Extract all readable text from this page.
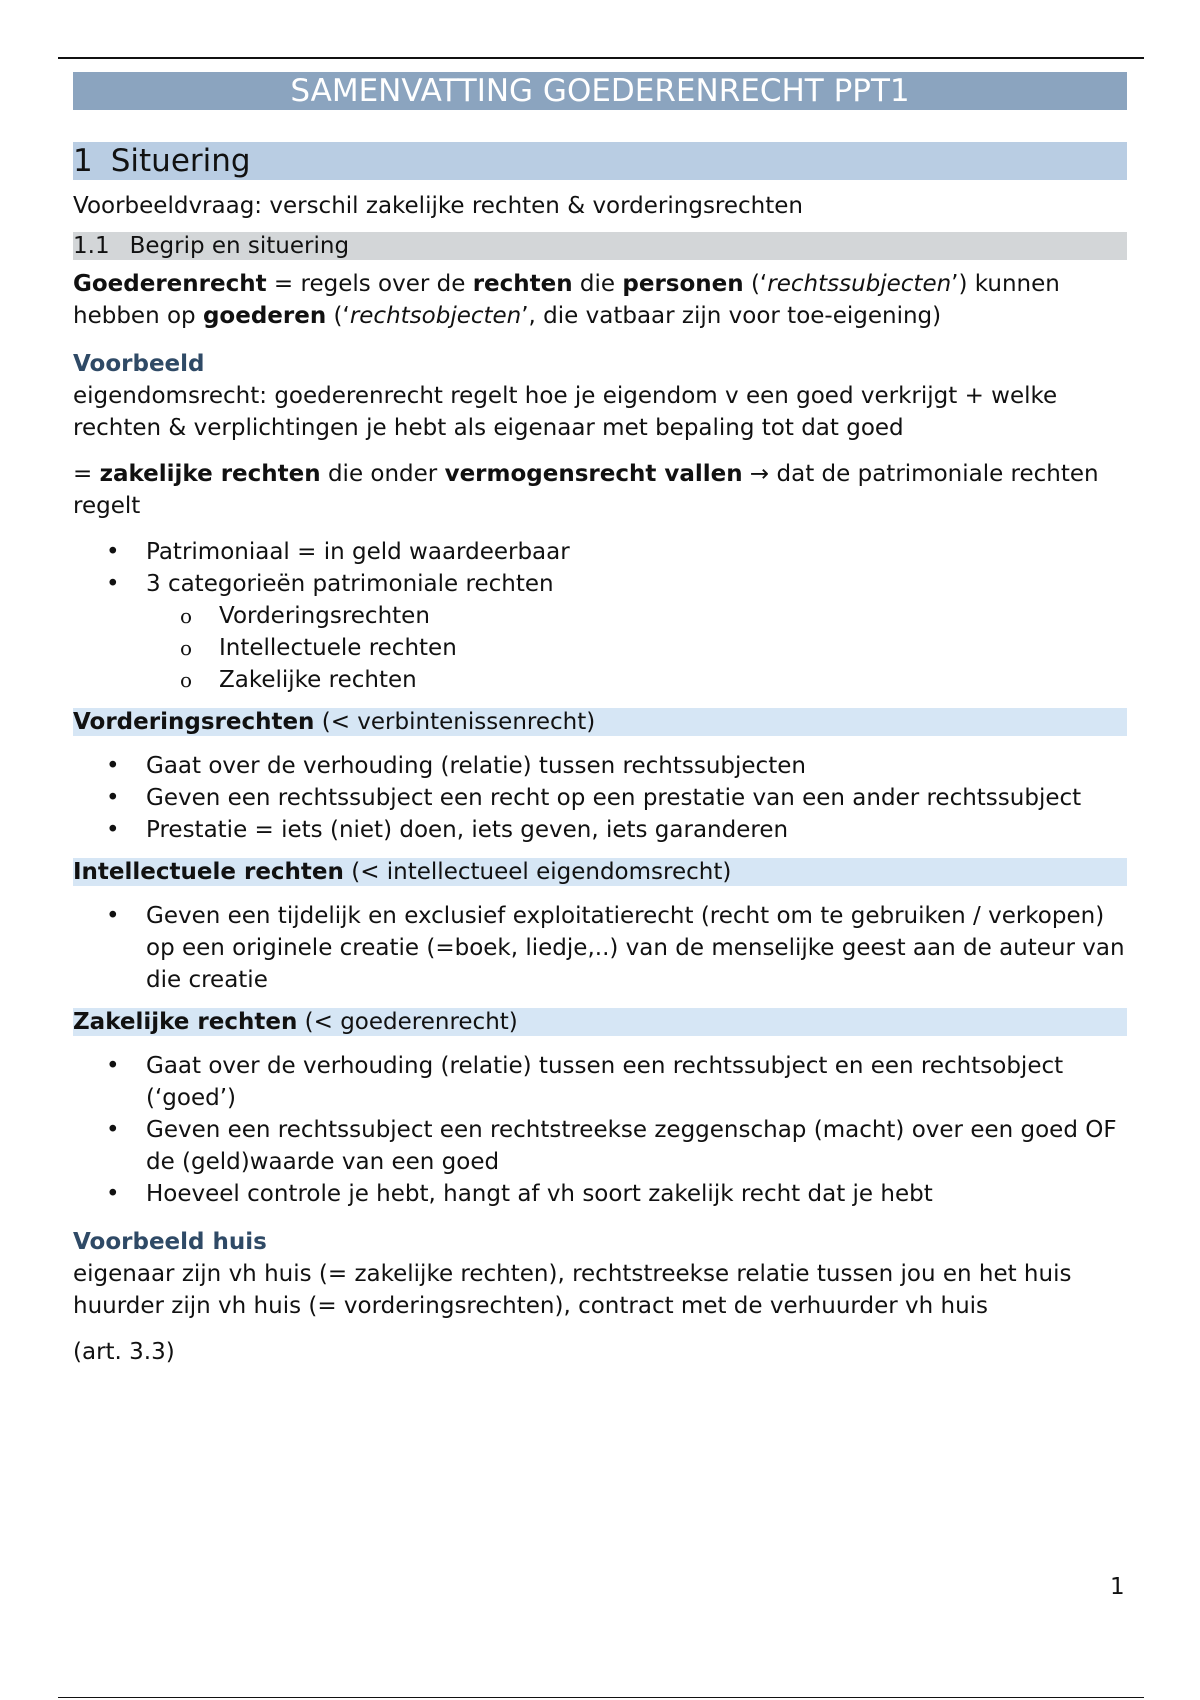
SAMENVATTING GOEDERENRECHT PPT1
1 Situering

Voorbeeldvraag: verschil zakelijke rechten & vorderingsrechten

1.1 Begrip en situering

Goederenrecht = regels over de rechten die personen (‘rechtssubjecten’) kunnen hebben op goederen (‘rechtsobjecten’, die vatbaar zijn voor toe-eigening)

Voorbeeld

eigendomsrecht: goederenrecht regelt hoe je eigendom v een goed verkrijgt + welke rechten & verplichtingen je hebt als eigenaar met bepaling tot dat goed

= zakelijke rechten die onder vermogensrecht vallen → dat de patrimoniale rechten regelt

• Patrimoniaal = in geld waardeerbaar
• 3 categorieën patrimoniale rechten
o Vorderingsrechten
o Intellectuele rechten
o Zakelijke rechten
Vorderingsrechten (< verbintenissenrecht)
• Gaat over de verhouding (relatie) tussen rechtssubjecten
• Geven een rechtssubject een recht op een prestatie van een ander rechtssubject
• Prestatie = iets (niet) doen, iets geven, iets garanderen
Intellectuele rechten (< intellectueel eigendomsrecht)
• Geven een tijdelijk en exclusief exploitatierecht (recht om te gebruiken / verkopen) op een originele creatie (=boek, liedje,..) van de menselijke geest aan de auteur van die creatie
Zakelijke rechten (< goederenrecht)
• Gaat over de verhouding (relatie) tussen een rechtssubject en een rechtsobject (‘goed’)
• Geven een rechtssubject een rechtstreekse zeggenschap (macht) over een goed OF de (geld)waarde van een goed
• Hoeveel controle je hebt, hangt af vh soort zakelijk recht dat je hebt
Voorbeeld huis

eigenaar zijn vh huis (= zakelijke rechten), rechtstreekse relatie tussen jou en het huis

huurder zijn vh huis (= vorderingsrechten), contract met de verhuurder vh huis

(art. 3.3)

1
